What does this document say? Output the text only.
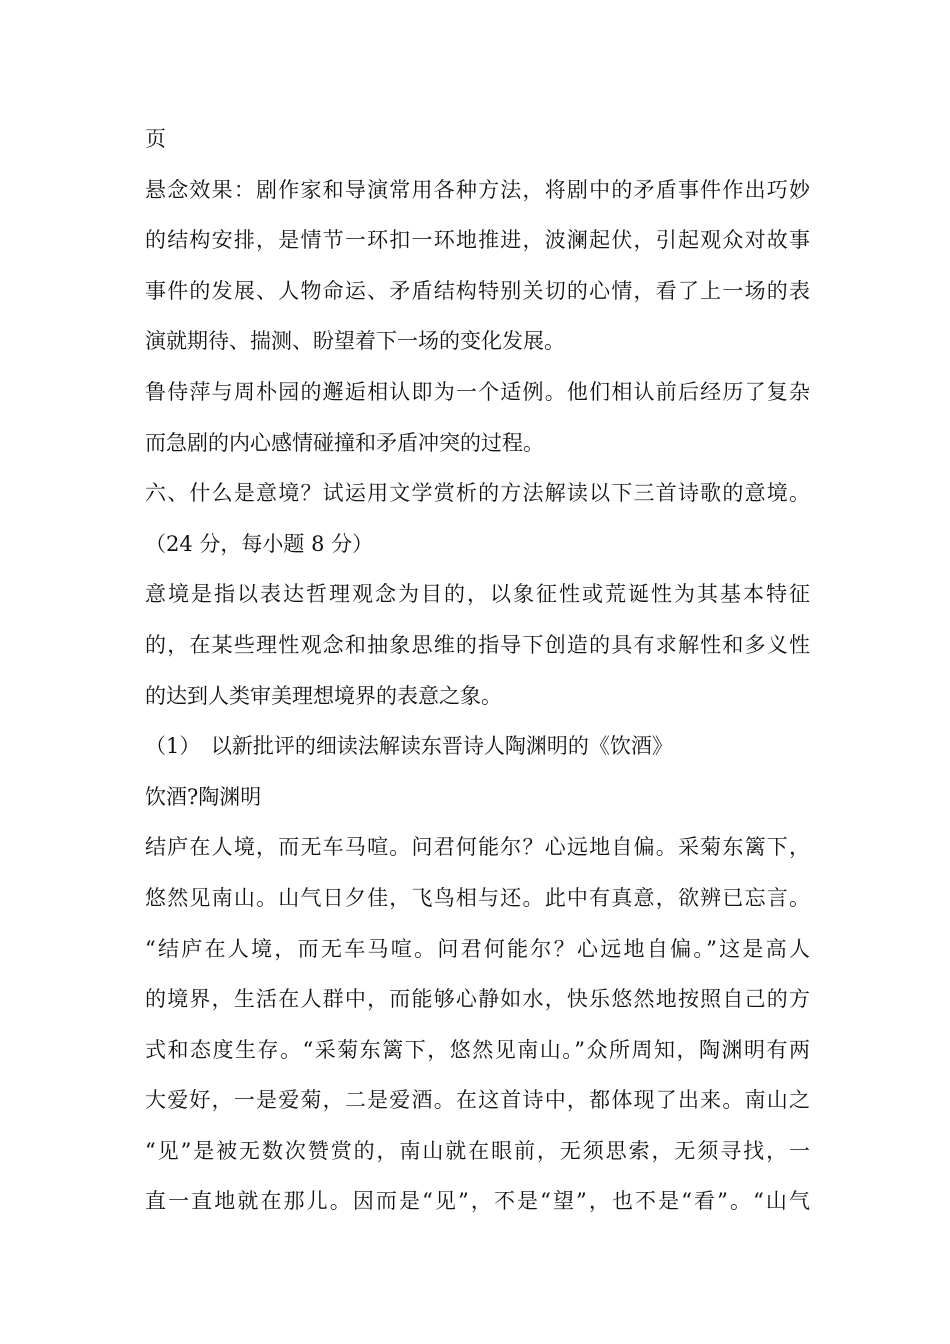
页
悬念效果：剧作家和导演常用各种方法，将剧中的矛盾事件作出巧妙
的结构安排，是情节一环扣一环地推进，波澜起伏，引起观众对故事
事件的发展、人物命运、矛盾结构特别关切的心情，看了上一场的表
演就期待、揣测、盼望着下一场的变化发展。
鲁侍萍与周朴园的邂逅相认即为一个适例。他们相认前后经历了复杂
而急剧的内心感情碰撞和矛盾冲突的过程。
六、什么是意境？试运用文学赏析的方法解读以下三首诗歌的意境。
（24 分，每小题 8 分）
意境是指以表达哲理观念为目的，以象征性或荒诞性为其基本特征
的，在某些理性观念和抽象思维的指导下创造的具有求解性和多义性
的达到人类审美理想境界的表意之象。
（1）　以新批评的细读法解读东晋诗人陶渊明的《饮酒》
饮酒?陶渊明
结庐在人境，而无车马喧。问君何能尔？心远地自偏。采菊东篱下，
悠然见南山。山气日夕佳，飞鸟相与还。此中有真意，欲辨已忘言。
“结庐在人境，而无车马喧。问君何能尔？心远地自偏。”这是高人
的境界，生活在人群中，而能够心静如水，快乐悠然地按照自己的方
式和态度生存。“采菊东篱下，悠然见南山。”众所周知，陶渊明有两
大爱好，一是爱菊，二是爱酒。在这首诗中，都体现了出来。南山之
“见”是被无数次赞赏的，南山就在眼前，无须思索，无须寻找，一
直一直地就在那儿。因而是“见”，不是“望”，也不是“看”。“山气
